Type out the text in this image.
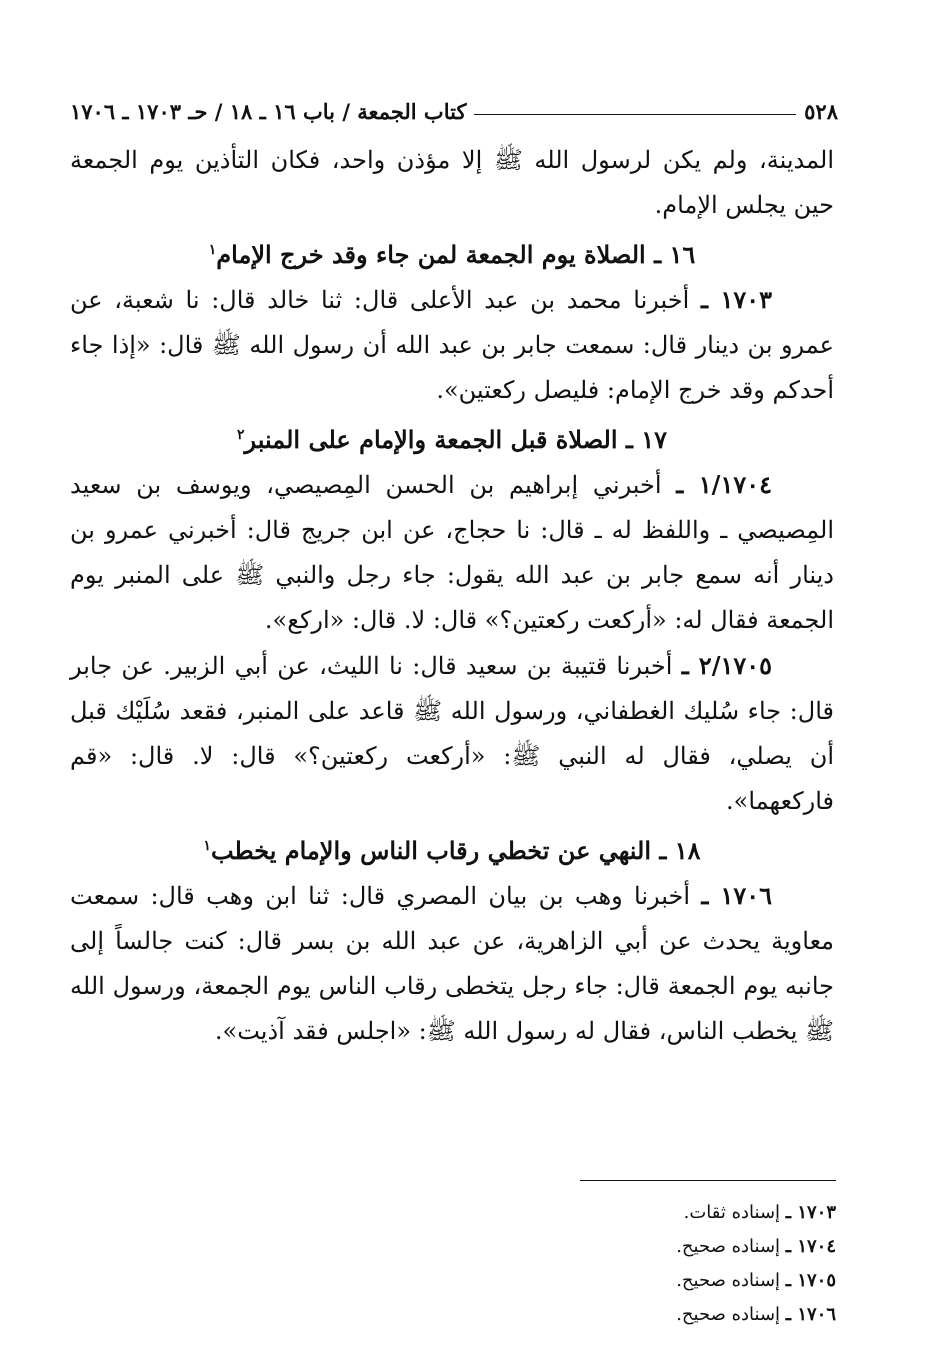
٥٢٨
كتاب الجمعة / باب ١٦ ـ ١٨ / حـ ١٧٠٣ ـ ١٧٠٦

المدينة، ولم يكن لرسول الله ﷺ إلا مؤذن واحد، فكان التأذين يوم الجمعة حين يجلس الإمام.

١٦ ـ الصلاة يوم الجمعة لمن جاء وقد خرج الإمام$^١$

١٧٠٣ ـ أخبرنا محمد بن عبد الأعلى قال: ثنا خالد قال: نا شعبة، عن عمرو بن دينار قال: سمعت جابر بن عبد الله أن رسول الله ﷺ قال: «إذا جاء أحدكم وقد خرج الإمام: فليصل ركعتين».

١٧ ـ الصلاة قبل الجمعة والإمام على المنبر$^٢$

١/١٧٠٤ ـ أخبرني إبراهيم بن الحسن المِصيصي، ويوسف بن سعيد المِصيصي ـ واللفظ له ـ قال: نا حجاج، عن ابن جريج قال: أخبرني عمرو بن دينار أنه سمع جابر بن عبد الله يقول: جاء رجل والنبي ﷺ على المنبر يوم الجمعة فقال له: «أركعت ركعتين؟» قال: لا. قال: «اركع».

٢/١٧٠٥ ـ أخبرنا قتيبة بن سعيد قال: نا الليث، عن أبي الزبير. عن جابر قال: جاء سُليك الغطفاني، ورسول الله ﷺ قاعد على المنبر، فقعد سُلَيْك قبل أن يصلي، فقال له النبي ﷺ: «أركعت ركعتين؟» قال: لا. قال: «قم فاركعهما».

١٨ ـ النهي عن تخطي رقاب الناس والإمام يخطب$^١$

١٧٠٦ ـ أخبرنا وهب بن بيان المصري قال: ثنا ابن وهب قال: سمعت معاوية يحدث عن أبي الزاهرية، عن عبد الله بن بسر قال: كنت جالساً إلى جانبه يوم الجمعة قال: جاء رجل يتخطى رقاب الناس يوم الجمعة، ورسول الله ﷺ يخطب الناس، فقال له رسول الله ﷺ: «اجلس فقد آذيت».

١٧٠٣ ـ إسناده ثقات.

١٧٠٤ ـ إسناده صحيح.

١٧٠٥ ـ إسناده صحيح.

١٧٠٦ ـ إسناده صحيح.
